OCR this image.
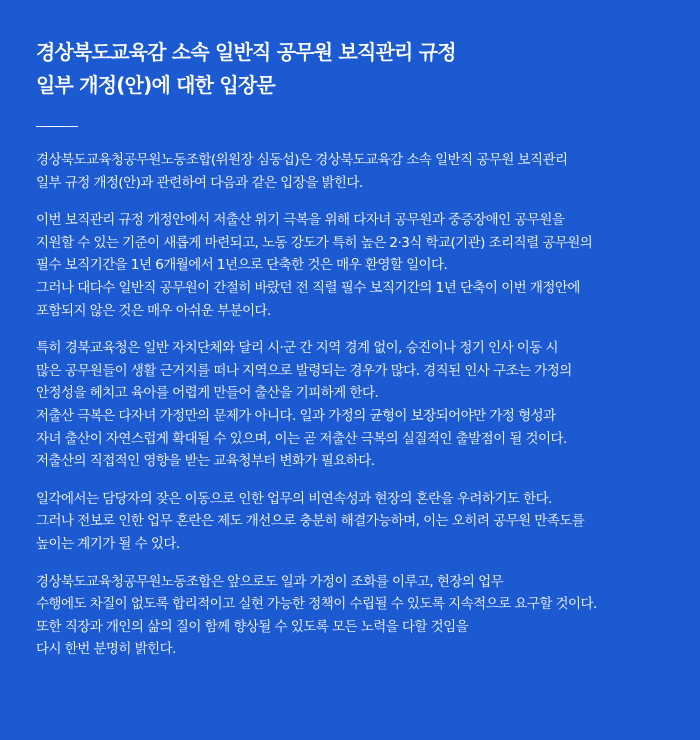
경상북도교육감 소속 일반직 공무원 보직관리 규정
일부 개정(안)에 대한 입장문

경상북도교육청공무원노동조합(위원장 심동섭)은 경상북도교육감 소속 일반직 공무원 보직관리
일부 규정 개정(안)과 관련하여 다음과 같은 입장을 밝힌다.

이번 보직관리 규정 개정안에서 저출산 위기 극복을 위해 다자녀 공무원과 중증장애인 공무원을
지원할 수 있는 기준이 새롭게 마련되고, 노동 강도가 특히 높은 2·3식 학교(기관) 조리직렬 공무원의
필수 보직기간을 1년 6개월에서 1년으로 단축한 것은 매우 환영할 일이다.
그러나 대다수 일반직 공무원이 간절히 바랐던 전 직렬 필수 보직기간의 1년 단축이 이번 개정안에
포함되지 않은 것은 매우 아쉬운 부분이다.

특히 경북교육청은 일반 자치단체와 달리 시·군 간 지역 경계 없이, 승진이나 정기 인사 이동 시
많은 공무원들이 생활 근거지를 떠나 지역으로 발령되는 경우가 많다. 경직된 인사 구조는 가정의
안정성을 헤치고 육아를 어렵게 만들어 출산을 기피하게 한다.
저출산 극복은 다자녀 가정만의 문제가 아니다. 일과 가정의 균형이 보장되어야만 가정 형성과
자녀 출산이 자연스럽게 확대될 수 있으며, 이는 곧 저출산 극복의 실질적인 출발점이 될 것이다.
저출산의 직접적인 영향을 받는 교육청부터 변화가 필요하다.

일각에서는 담당자의 잦은 이동으로 인한 업무의 비연속성과 현장의 혼란을 우려하기도 한다.
그러나 전보로 인한 업무 혼란은 제도 개선으로 충분히 해결가능하며, 이는 오히려 공무원 만족도를
높이는 계기가 될 수 있다.

경상북도교육청공무원노동조합은 앞으로도 일과 가정이 조화를 이루고, 현장의 업무
수행에도 차질이 없도록 합리적이고 실현 가능한 정책이 수립될 수 있도록 지속적으로 요구할 것이다.
또한 직장과 개인의 삶의 질이 함께 향상될 수 있도록 모든 노력을 다할 것임을
다시 한번 분명히 밝힌다.
